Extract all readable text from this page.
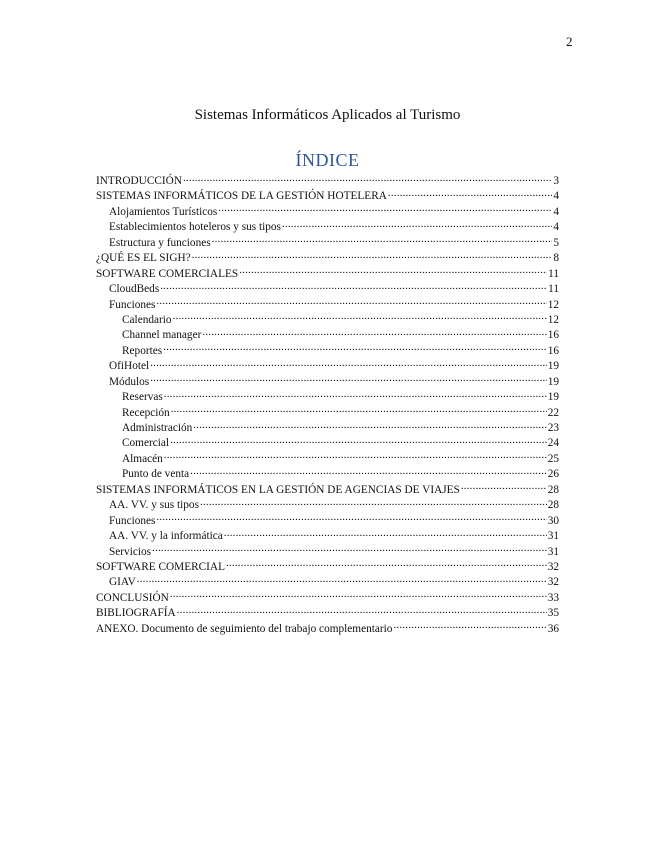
2
Sistemas Informáticos Aplicados al Turismo
ÍNDICE
INTRODUCCIÓN .....	3
SISTEMAS INFORMÁTICOS DE LA GESTIÓN HOTELERA .....	4
Alojamientos Turísticos .....	4
Establecimientos hoteleros y sus tipos .....	4
Estructura y funciones .....	5
¿QUÉ ES EL SIGH? .....	8
SOFTWARE COMERCIALES .....	11
CloudBeds .....	11
Funciones .....	12
Calendario .....	12
Channel manager .....	16
Reportes .....	16
OfiHotel .....	19
Módulos .....	19
Reservas .....	19
Recepción .....	22
Administración .....	23
Comercial .....	24
Almacén .....	25
Punto de venta .....	26
SISTEMAS INFORMÁTICOS EN LA GESTIÓN DE AGENCIAS DE VIAJES .....	28
AA. VV. y sus tipos .....	28
Funciones .....	30
AA. VV. y la informática .....	31
Servicios .....	31
SOFTWARE COMERCIAL .....	32
GIAV .....	32
CONCLUSIÓN .....	33
BIBLIOGRAFÍA .....	35
ANEXO. Documento de seguimiento del trabajo complementario .....	36
